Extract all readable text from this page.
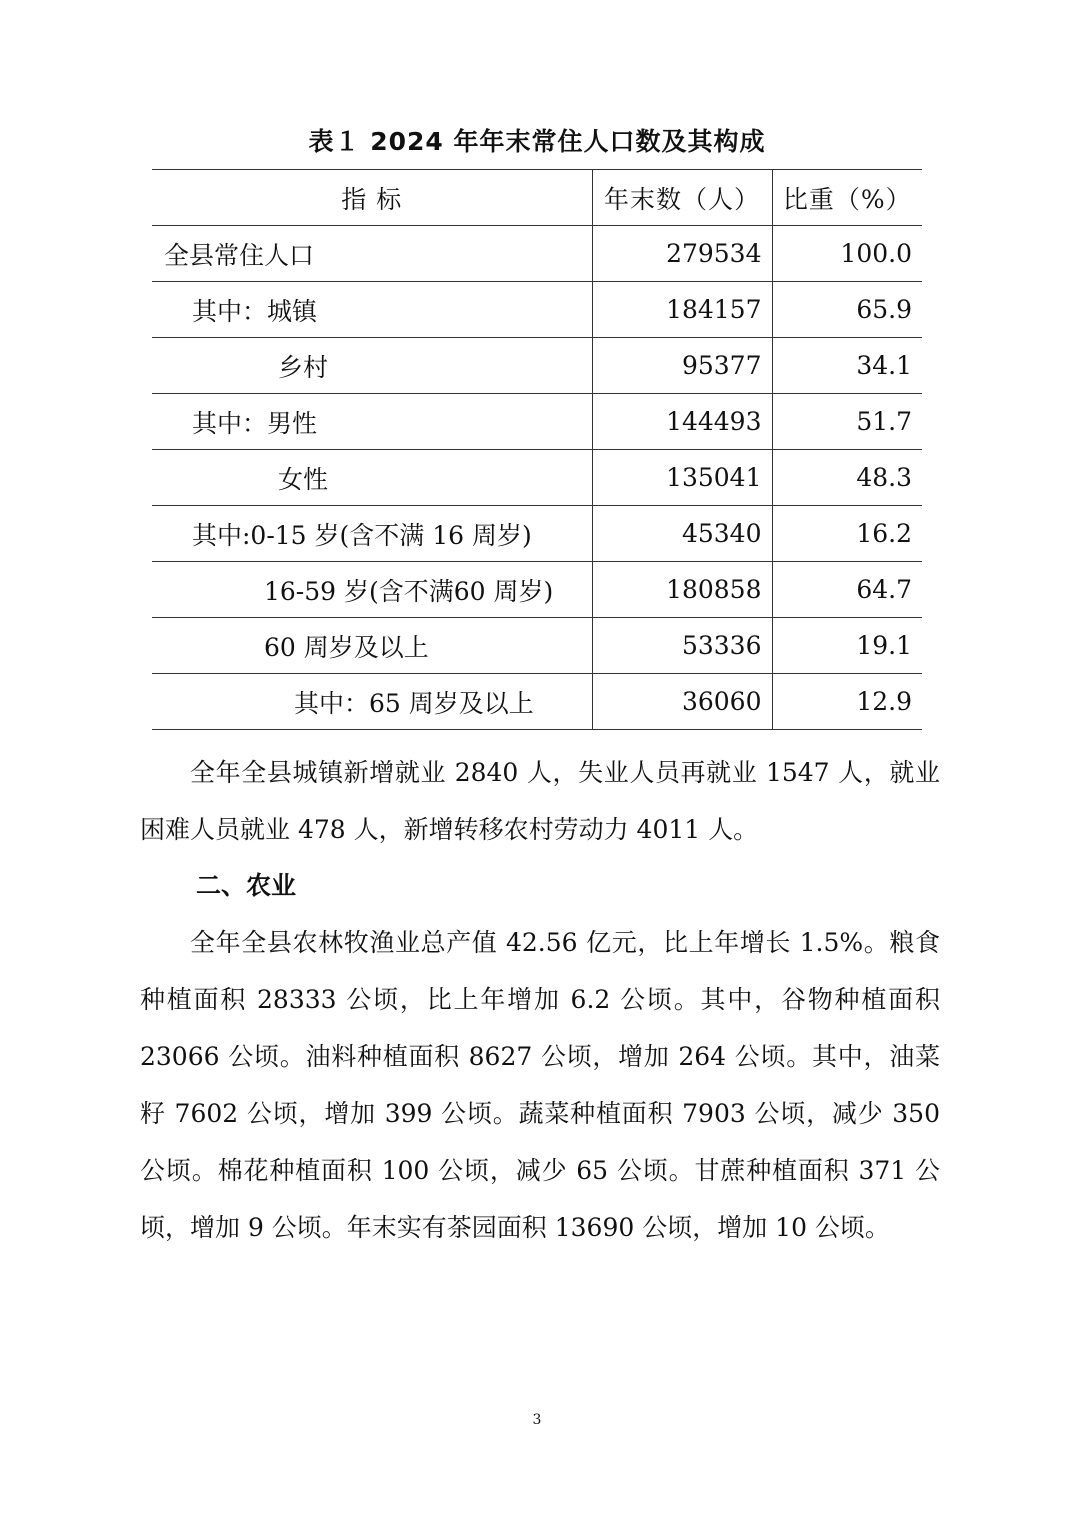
表１ 2024 年年末常住人口数及其构成
指 标	年末数（人）	比重（%）
全县常住人口	279534	100.0
其中：城镇	184157	65.9
乡村	95377	34.1
其中：男性	144493	51.7
女性	135041	48.3
其中:0-15 岁(含不满 16 周岁)	45340	16.2
16-59 岁(含不满60 周岁)	180858	64.7
60 周岁及以上	53336	19.1
其中：65 周岁及以上	36060	12.9

全年全县城镇新增就业 2840 人，失业人员再就业 1547 人，就业困难人员就业 478 人，新增转移农村劳动力 4011 人。

二、农业

全年全县农林牧渔业总产值 42.56 亿元，比上年增长 1.5%。粮食种植面积 28333 公顷，比上年增加 6.2 公顷。其中，谷物种植面积 23066 公顷。油料种植面积 8627 公顷，增加 264 公顷。其中，油菜籽 7602 公顷，增加 399 公顷。蔬菜种植面积 7903 公顷，减少 350 公顷。棉花种植面积 100 公顷，减少 65 公顷。甘蔗种植面积 371 公顷，增加 9 公顷。年末实有茶园面积 13690 公顷，增加 10 公顷。

3
